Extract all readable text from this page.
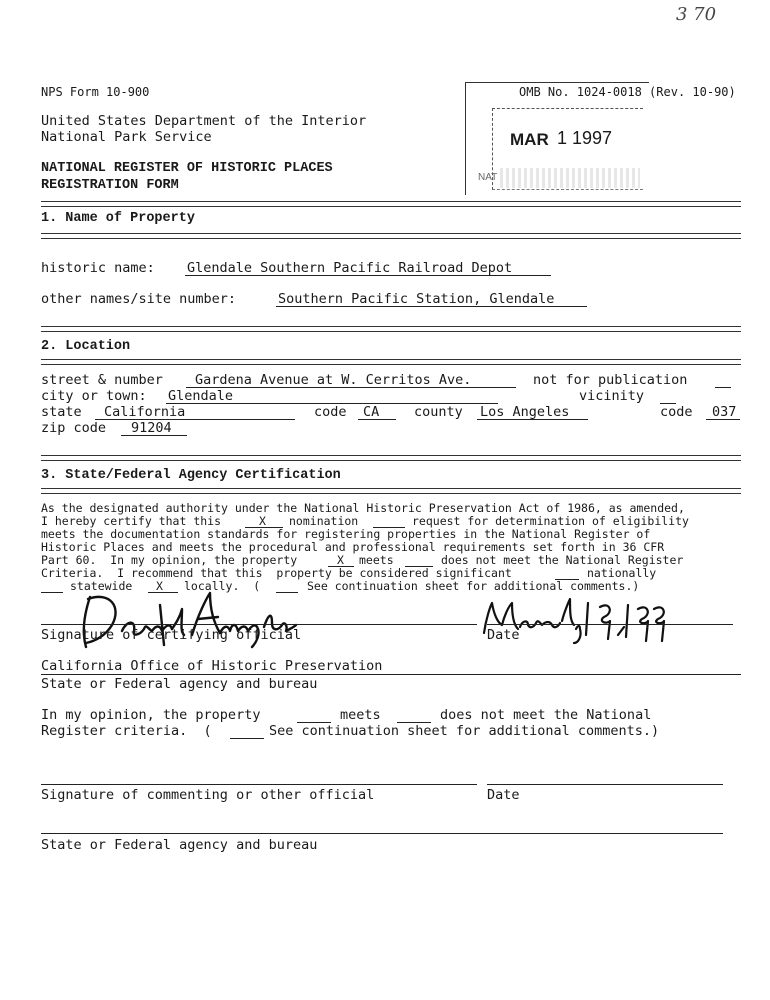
3 70
NPS Form 10-900	OMB No. 1024-0018 (Rev. 10-90)
United States Department of the Interior
National Park Service
NATIONAL REGISTER OF HISTORIC PLACES
REGISTRATION FORM
MAR 1 1997
NAT
1. Name of Property
historic name: Glendale Southern Pacific Railroad Depot
other names/site number:	Southern Pacific Station, Glendale
2. Location
street & number Gardena Avenue at W. Cerritos Ave.	not for publication
city or town: Glendale	vicinity
state California	code CA	county Los Angeles	code 037
zip code 91204
3. State/Federal Agency Certification
As the designated authority under the National Historic Preservation Act of 1986, as amended,
I hereby certify that this	X nomination	request for determination of eligibility
meets the documentation standards for registering properties in the National Register of
Historic Places and meets the procedural and professional requirements set forth in 36 CFR
Part 60.  In my opinion, the property	X meets	does not meet the National Register
Criteria.  I recommend that this  property be considered significant	nationally
statewide X locally.  (	See continuation sheet for additional comments.)
Signature of certifying official	Date
California Office of Historic Preservation
State or Federal agency and bureau
In my opinion, the property	meets	does not meet the National
Register criteria.  (	See continuation sheet for additional comments.)
Signature of commenting or other official	Date
State or Federal agency and bureau
